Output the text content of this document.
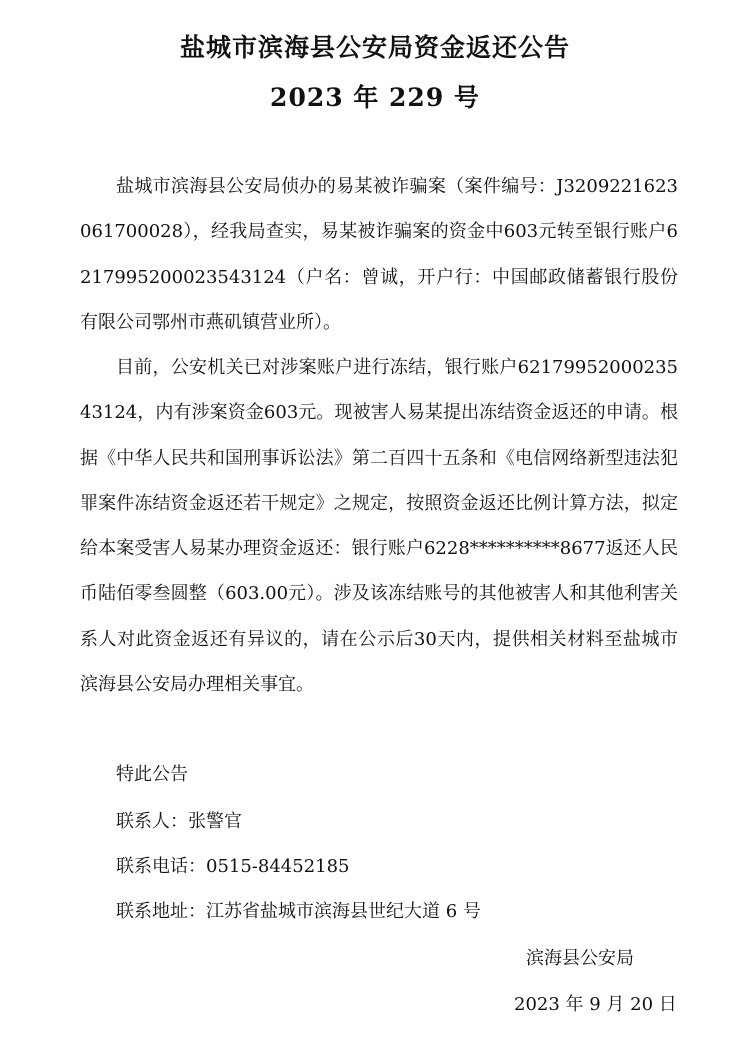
盐城市滨海县公安局资金返还公告
2023 年 229 号
盐城市滨海县公安局侦办的易某被诈骗案（案件编号：J3209221623061700028），经我局查实，易某被诈骗案的资金中603元转至银行账户6217995200023543124（户名：曾诚，开户行：中国邮政储蓄银行股份有限公司鄂州市燕矶镇营业所）。
目前，公安机关已对涉案账户进行冻结，银行账户6217995200023543124，内有涉案资金603元。现被害人易某提出冻结资金返还的申请。根据《中华人民共和国刑事诉讼法》第二百四十五条和《电信网络新型违法犯罪案件冻结资金返还若干规定》之规定，按照资金返还比例计算方法，拟定给本案受害人易某办理资金返还：银行账户6228**********8677返还人民币陆佰零叁圆整（603.00元）。涉及该冻结账号的其他被害人和其他利害关系人对此资金返还有异议的，请在公示后30天内，提供相关材料至盐城市滨海县公安局办理相关事宜。
特此公告
联系人：张警官
联系电话：0515-84452185
联系地址：江苏省盐城市滨海县世纪大道 6 号
滨海县公安局
2023 年 9 月 20 日
